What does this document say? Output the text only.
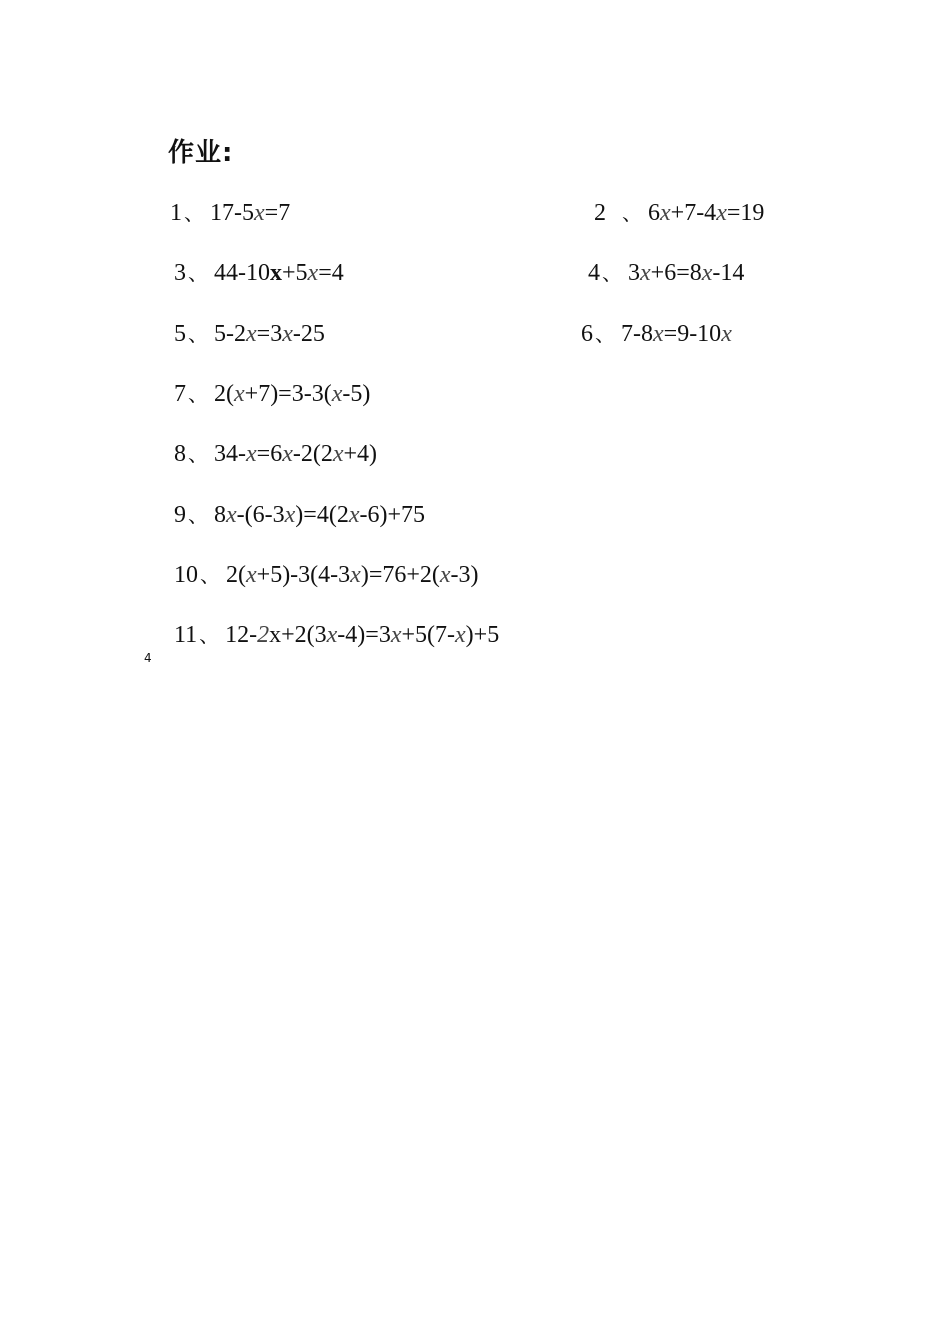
作业:
1 、 17-5x=7	2 、 6x+7-4x=19
3 、 44-10x+5x=4	4 、 3x+6=8x-14
5 、 5-2x=3x-25	6 、 7-8x=9-10x
7 、 2(x+7)=3-3(x-5)
8 、 34-x=6x-2(2x+4)
9 、 8x-(6-3x)=4(2x-6)+75
10 、 2(x+5)-3(4-3x)=76+2(x-3)
11 、 12-2x+2(3x-4)=3x+5(7-x)+5
4
